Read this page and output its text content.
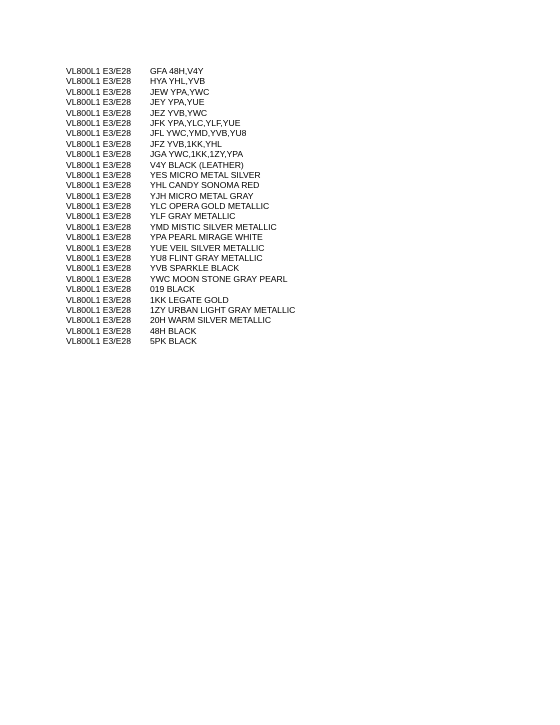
VL800L1 E3/E28	GFA 48H,V4Y
VL800L1 E3/E28	HYA YHL,YVB
VL800L1 E3/E28	JEW YPA,YWC
VL800L1 E3/E28	JEY YPA,YUE
VL800L1 E3/E28	JEZ YVB,YWC
VL800L1 E3/E28	JFK YPA,YLC,YLF,YUE
VL800L1 E3/E28	JFL YWC,YMD,YVB,YU8
VL800L1 E3/E28	JFZ YVB,1KK,YHL
VL800L1 E3/E28	JGA YWC,1KK,1ZY,YPA
VL800L1 E3/E28	V4Y BLACK (LEATHER)
VL800L1 E3/E28	YES MICRO METAL SILVER
VL800L1 E3/E28	YHL CANDY SONOMA RED
VL800L1 E3/E28	YJH MICRO METAL GRAY
VL800L1 E3/E28	YLC OPERA GOLD METALLIC
VL800L1 E3/E28	YLF GRAY METALLIC
VL800L1 E3/E28	YMD MISTIC SILVER METALLIC
VL800L1 E3/E28	YPA PEARL MIRAGE WHITE
VL800L1 E3/E28	YUE VEIL SILVER METALLIC
VL800L1 E3/E28	YU8 FLINT GRAY METALLIC
VL800L1 E3/E28	YVB SPARKLE BLACK
VL800L1 E3/E28	YWC MOON STONE GRAY PEARL
VL800L1 E3/E28	019 BLACK
VL800L1 E3/E28	1KK LEGATE GOLD
VL800L1 E3/E28	1ZY URBAN LIGHT GRAY METALLIC
VL800L1 E3/E28	20H WARM SILVER METALLIC
VL800L1 E3/E28	48H BLACK
VL800L1 E3/E28	5PK BLACK
